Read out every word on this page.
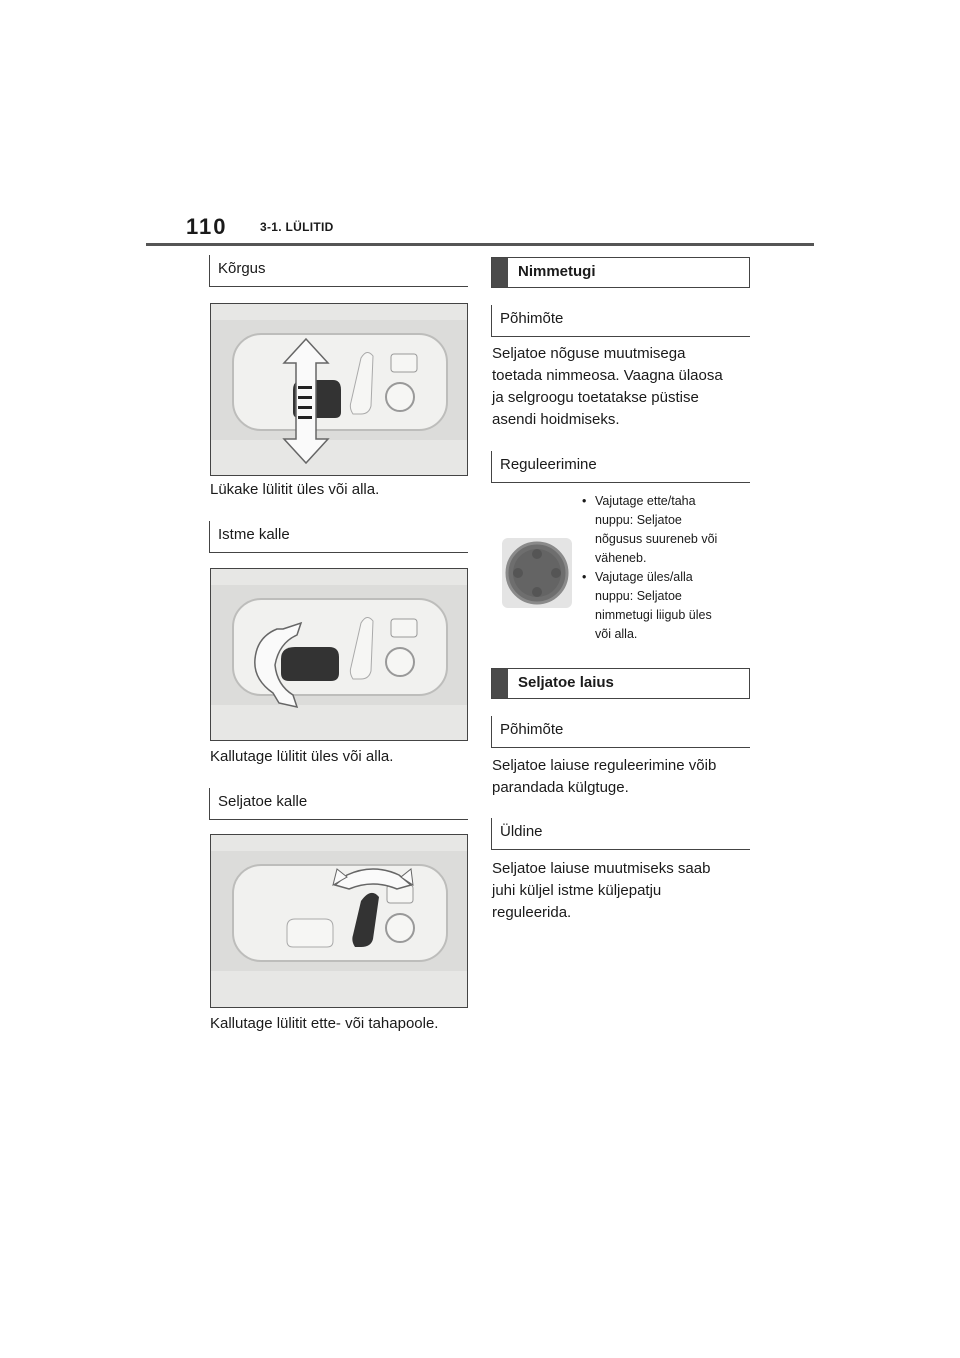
110	3-1. LÜLITID
Kõrgus
Lükake lülitit üles või alla.
Istme kalle
Kallutage lülitit üles või alla.
Seljatoe kalle
Kallutage lülitit ette- või tahapoole.
Nimmetugi
Põhimõte
Seljatoe nõguse muutmisega
toetada nimmeosa. Vaagna ülaosa
ja selgroogu toetatakse püstise
asendi hoidmiseks.
Reguleerimine
• Vajutage ette/taha
nuppu: Seljatoe
nõgusus suureneb või
väheneb.
• Vajutage üles/alla
nuppu: Seljatoe
nimmetugi liigub üles
või alla.
Seljatoe laius
Põhimõte
Seljatoe laiuse reguleerimine võib
parandada külgtuge.
Üldine
Seljatoe laiuse muutmiseks saab
juhi küljel istme küljepatju
reguleerida.
